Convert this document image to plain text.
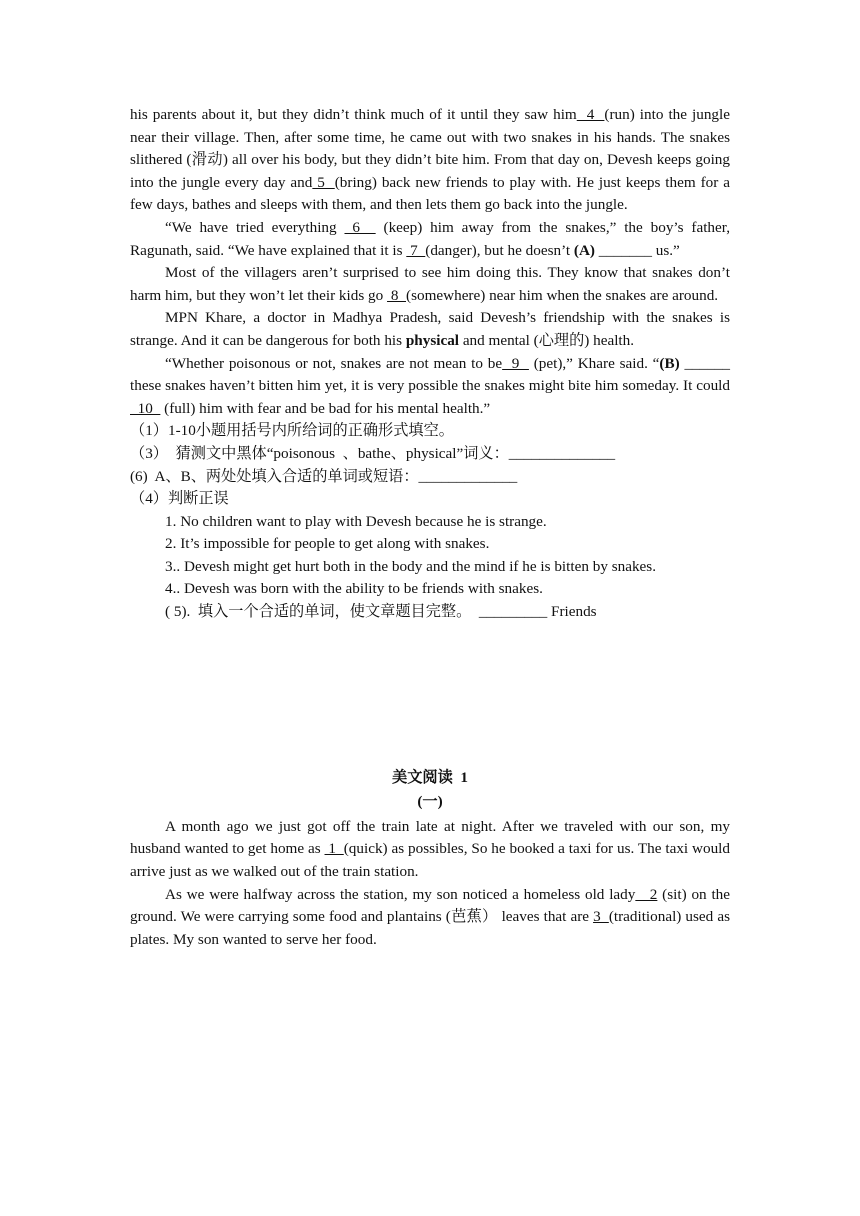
his parents about it, but they didn’t think much of it until they saw him  4  (run) into the jungle near their village. Then, after some time, he came out with two snakes in his hands. The snakes slithered (滑动) all over his body, but they didn’t bite him. From that day on, Devesh keeps going into the jungle every day and 5  (bring) back new friends to play with. He just keeps them for a few days, bathes and sleeps with them, and then lets them go back into the jungle.

“We have tried everything  6   (keep) him away from the snakes,” the boy’s father, Ragunath, said. “We have explained that it is  7  (danger), but he doesn’t (A) _______ us.”

Most of the villagers aren’t surprised to see him doing this. They know that snakes don’t harm him, but they won’t let their kids go  8  (somewhere) near him when the snakes are around.

MPN Khare, a doctor in Madhya Pradesh, said Devesh’s friendship with the snakes is strange. And it can be dangerous for both his physical and mental (心理的) health.

“Whether poisonous or not, snakes are not mean to be  9   (pet),” Khare said. “(B) ______ these snakes haven’t bitten him yet, it is very possible the snakes might bite him someday. It could   10   (full) him with fear and be bad for his mental health.”

（1）1-10小题用括号内所给词的正确形式填空。

（3）  猜测文中黑体“poisonous  、bathe、physical”词义：______________

(6)  A、B、两处处填入合适的单词或短语：_____________

（4）判断正误

1. No children want to play with Devesh because he is strange.

2. It’s impossible for people to get along with snakes.

3.. Devesh might get hurt both in the body and the mind if he is bitten by snakes.

4.. Devesh was born with the ability to be friends with snakes.

( 5).  填入一个合适的单词，使文章题目完整。  _________ Friends

美文阅读  1

(一)

A month ago we just got off the train late at night. After we traveled with our son, my husband wanted to get home as  1  (quick) as possibles, So he booked a taxi for us. The taxi would arrive just as we walked out of the train station.

As we were halfway across the station, my son noticed a homeless old lady   2 (sit) on the ground. We were carrying some food and plantains (芭蕉） leaves that are 3  (traditional) used as plates. My son wanted to serve her food.
